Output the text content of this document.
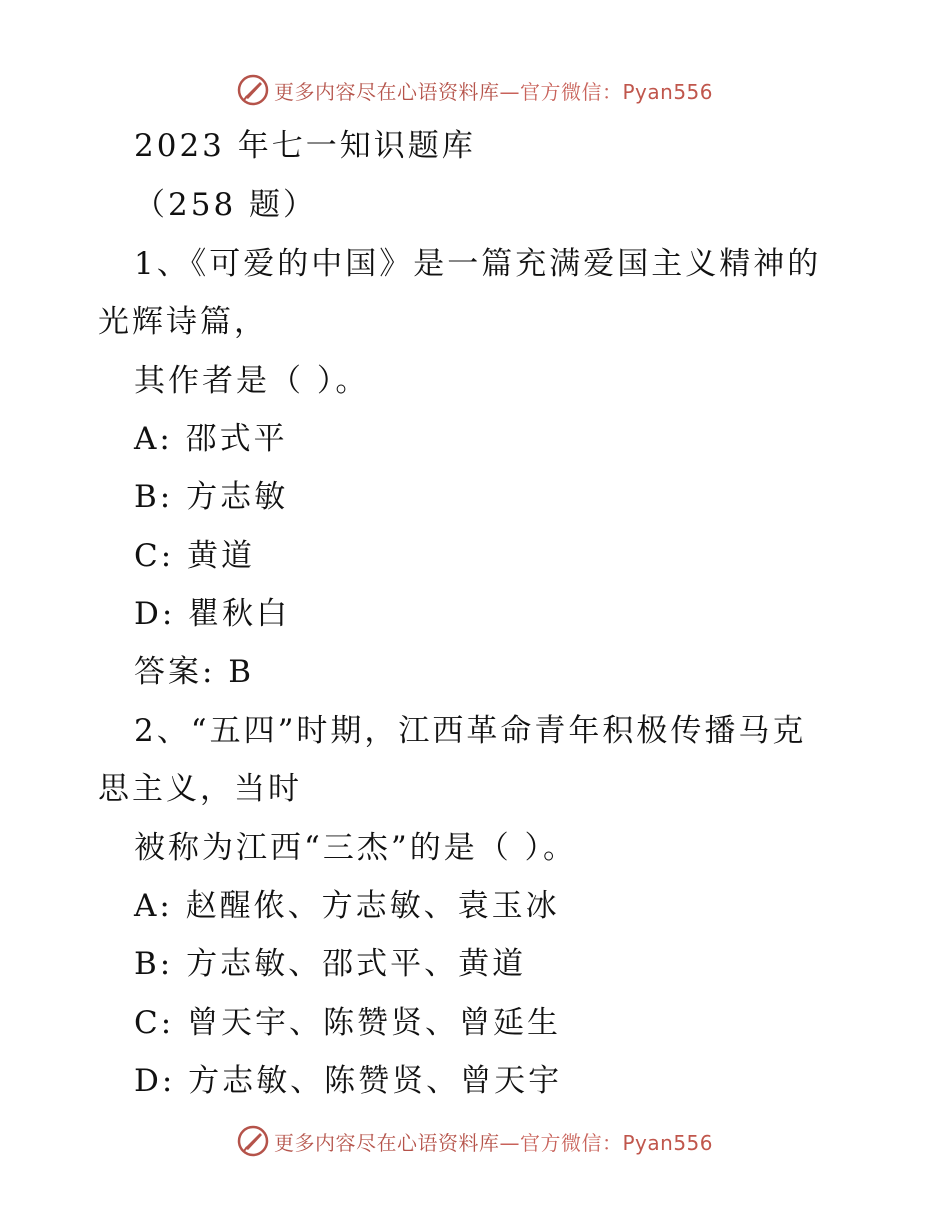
更多内容尽在心语资料库—官方微信：Pyan556
2023 年七一知识题库
（258 题）
1、《可爱的中国》是一篇充满爱国主义精神的
光辉诗篇，
其作者是（ ）。
A: 邵式平
B: 方志敏
C: 黄道
D: 瞿秋白
答案: B
2、“五四”时期，江西革命青年积极传播马克
思主义，当时
被称为江西“三杰”的是（ ）。
A: 赵醒侬、方志敏、袁玉冰
B: 方志敏、邵式平、黄道
C: 曾天宇、陈赞贤、曾延生
D: 方志敏、陈赞贤、曾天宇
更多内容尽在心语资料库—官方微信：Pyan556
